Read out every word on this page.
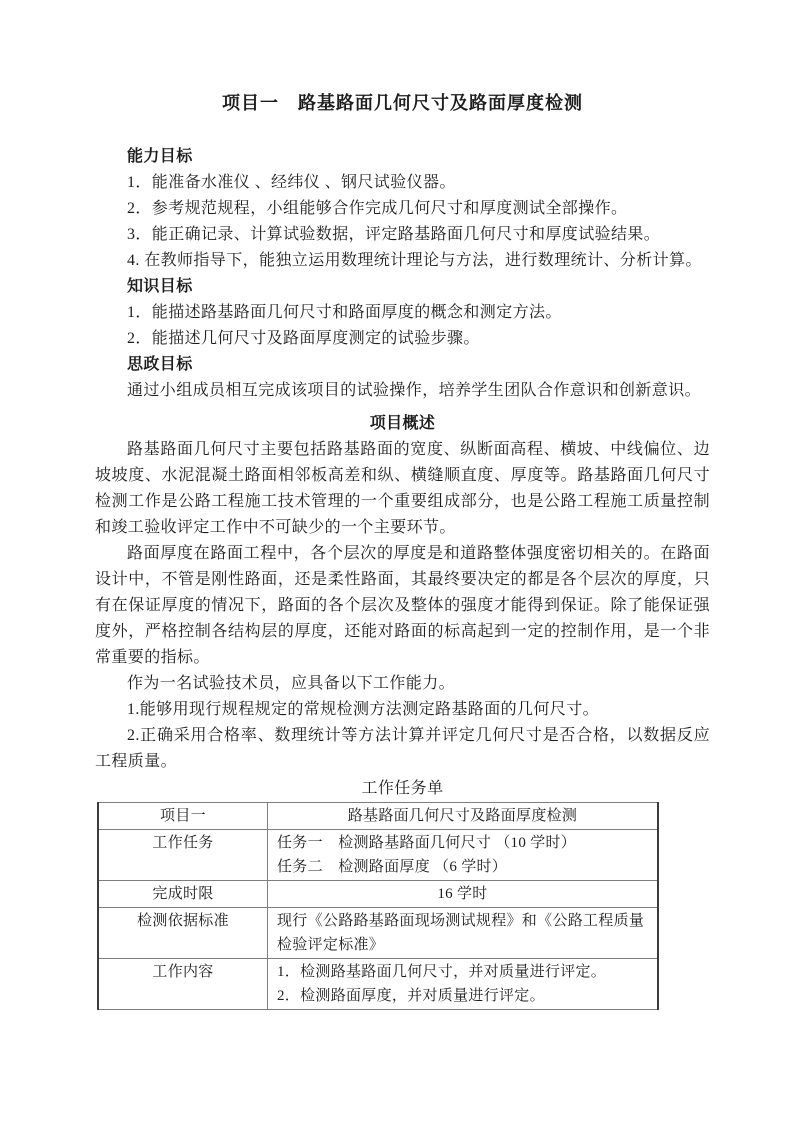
项目一　路基路面几何尺寸及路面厚度检测
能力目标
1．能准备水准仪 、经纬仪 、钢尺试验仪器。
2．参考规范规程，小组能够合作完成几何尺寸和厚度测试全部操作。
3．能正确记录、计算试验数据，评定路基路面几何尺寸和厚度试验结果。
4. 在教师指导下，能独立运用数理统计理论与方法，进行数理统计、分析计算。
知识目标
1．能描述路基路面几何尺寸和路面厚度的概念和测定方法。
2．能描述几何尺寸及路面厚度测定的试验步骤。
思政目标
通过小组成员相互完成该项目的试验操作，培养学生团队合作意识和创新意识。
项目概述
路基路面几何尺寸主要包括路基路面的宽度、纵断面高程、横坡、中线偏位、边坡坡度、水泥混凝土路面相邻板高差和纵、横缝顺直度、厚度等。路基路面几何尺寸检测工作是公路工程施工技术管理的一个重要组成部分，也是公路工程施工质量控制和竣工验收评定工作中不可缺少的一个主要环节。
路面厚度在路面工程中，各个层次的厚度是和道路整体强度密切相关的。在路面设计中，不管是刚性路面，还是柔性路面，其最终要决定的都是各个层次的厚度，只有在保证厚度的情况下，路面的各个层次及整体的强度才能得到保证。除了能保证强度外，严格控制各结构层的厚度，还能对路面的标高起到一定的控制作用，是一个非常重要的指标。
作为一名试验技术员，应具备以下工作能力。
1.能够用现行规程规定的常规检测方法测定路基路面的几何尺寸。
2.正确采用合格率、数理统计等方法计算并评定几何尺寸是否合格，以数据反应工程质量。
工作任务单
项目一	路基路面几何尺寸及路面厚度检测
工作任务	任务一　检测路基路面几何尺寸 （10 学时）
任务二　检测路面厚度 （6 学时）

完成时限	16 学时
检测依据标准	现行《公路路基路面现场测试规程》和《公路工程质量检验评定标准》
工作内容	1．检测路基路面几何尺寸，并对质量进行评定。
2．检测路面厚度，并对质量进行评定。
